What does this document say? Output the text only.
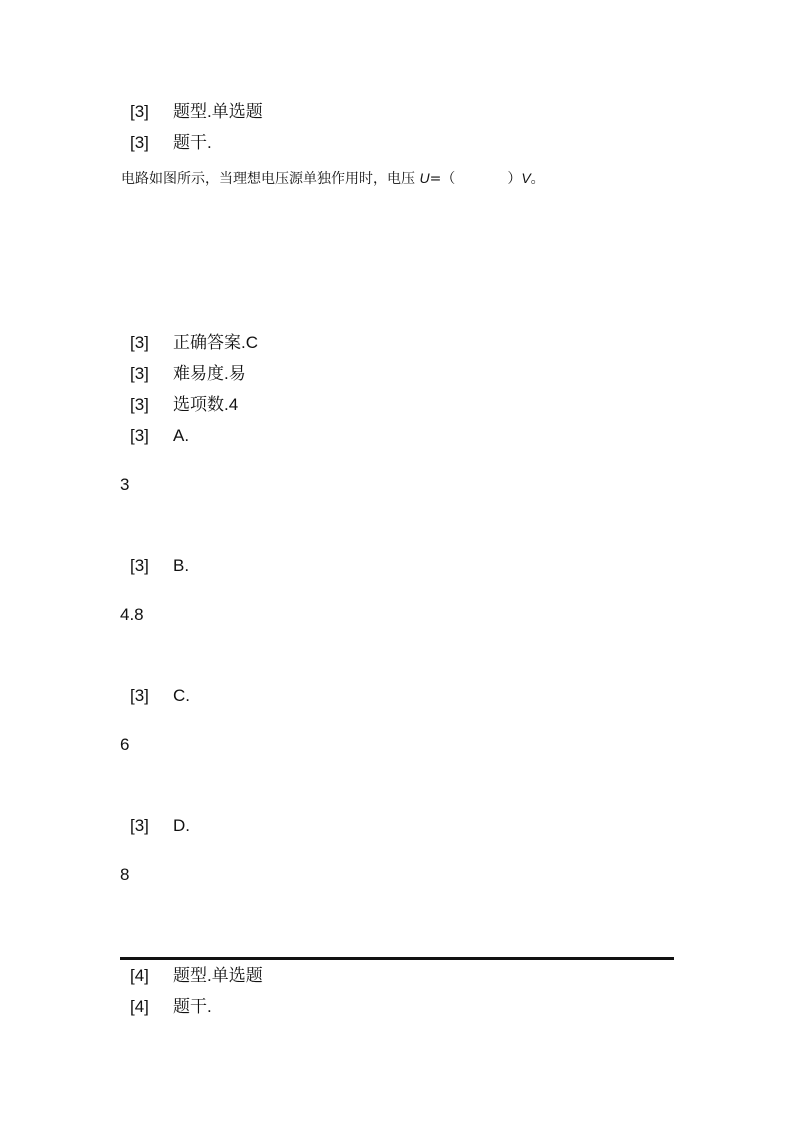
[3] 题型.单选题
[3] 题干.
电路如图所示，当理想电压源单独作用时，电压 U=（	）V。
[3] 正确答案.C
[3] 难易度.易
[3] 选项数.4
[3] A.
3
[3] B.
4.8
[3] C.
6
[3] D.
8
[4] 题型.单选题
[4] 题干.
